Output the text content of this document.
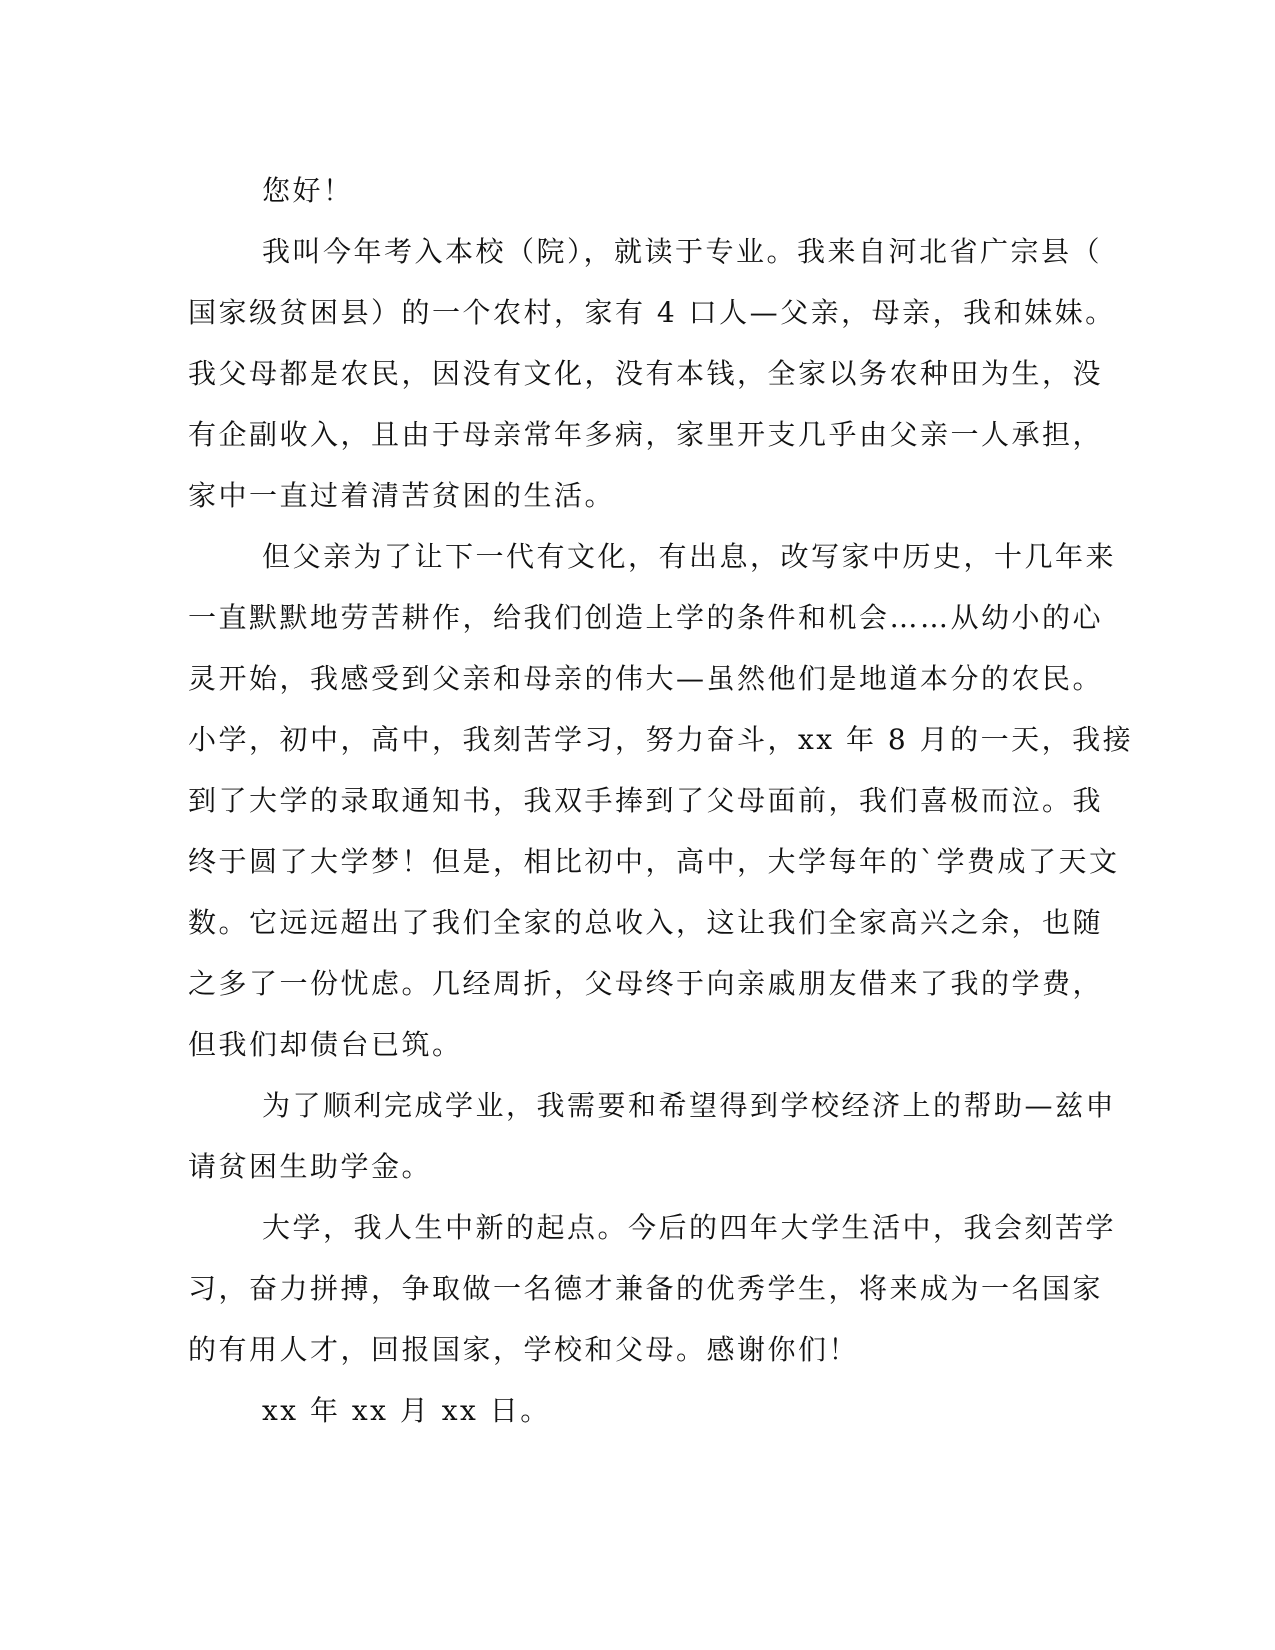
您好！
我叫今年考入本校（院），就读于专业。我来自河北省广宗县（
国家级贫困县）的一个农村，家有 4 口人—父亲，母亲，我和妹妹。
我父母都是农民，因没有文化，没有本钱，全家以务农种田为生，没
有企副收入，且由于母亲常年多病，家里开支几乎由父亲一人承担，
家中一直过着清苦贫困的生活。
但父亲为了让下一代有文化，有出息，改写家中历史，十几年来
一直默默地劳苦耕作，给我们创造上学的条件和机会……从幼小的心
灵开始，我感受到父亲和母亲的伟大—虽然他们是地道本分的农民。
小学，初中，高中，我刻苦学习，努力奋斗，xx 年 8 月的一天，我接
到了大学的录取通知书，我双手捧到了父母面前，我们喜极而泣。我
终于圆了大学梦！但是，相比初中，高中，大学每年的`学费成了天文
数。它远远超出了我们全家的总收入，这让我们全家高兴之余，也随
之多了一份忧虑。几经周折，父母终于向亲戚朋友借来了我的学费，
但我们却债台已筑。
为了顺利完成学业，我需要和希望得到学校经济上的帮助—兹申
请贫困生助学金。
大学，我人生中新的起点。今后的四年大学生活中，我会刻苦学
习，奋力拼搏，争取做一名德才兼备的优秀学生，将来成为一名国家
的有用人才，回报国家，学校和父母。感谢你们！
xx 年 xx 月 xx 日。
